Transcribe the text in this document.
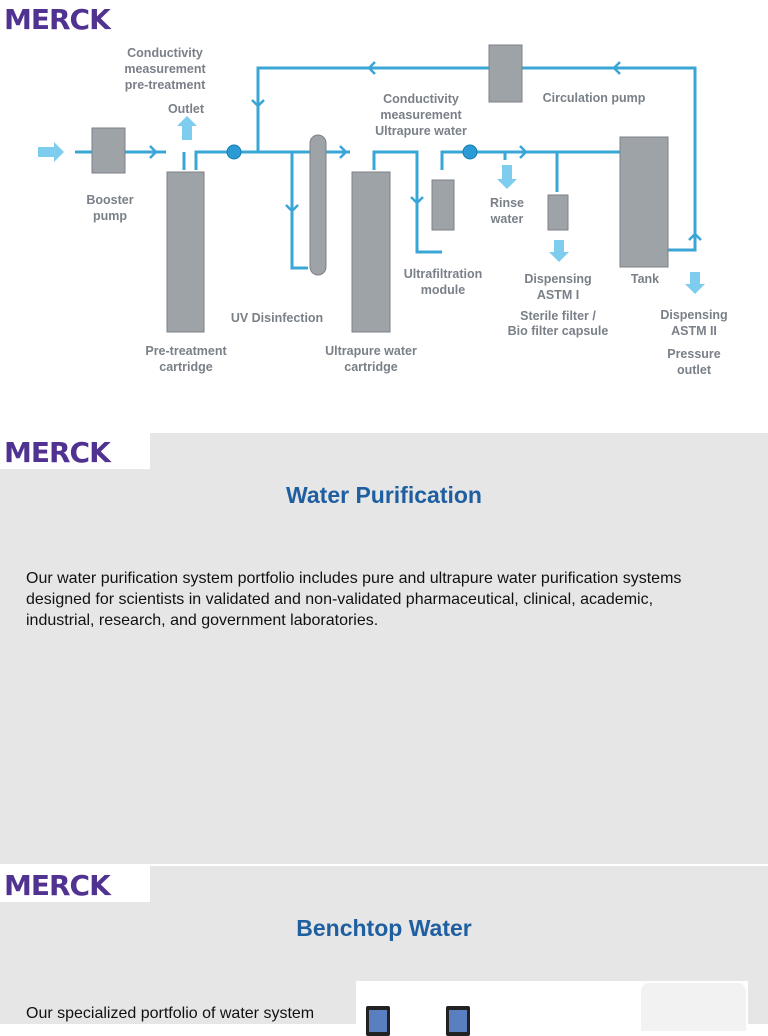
MERCK
Conductivity
measurement
pre-treatment
Outlet
Booster
pump
Pre-treatment
cartridge
UV Disinfection
Ultrapure water
cartridge
Conductivity
measurement
Ultrapure water
Ultrafiltration
module
Rinse
water
Dispensing
ASTM I
Sterile filter /
Bio filter capsule
Circulation pump
Tank
Dispensing
ASTM II
Pressure
outlet
MERCK
Water Purification
Our water purification system portfolio includes pure and ultrapure water purification systems designed for scientists in validated and non-validated pharmaceutical, clinical, academic, industrial, research, and government laboratories.
MERCK
Benchtop Water
Our specialized portfolio of water system
